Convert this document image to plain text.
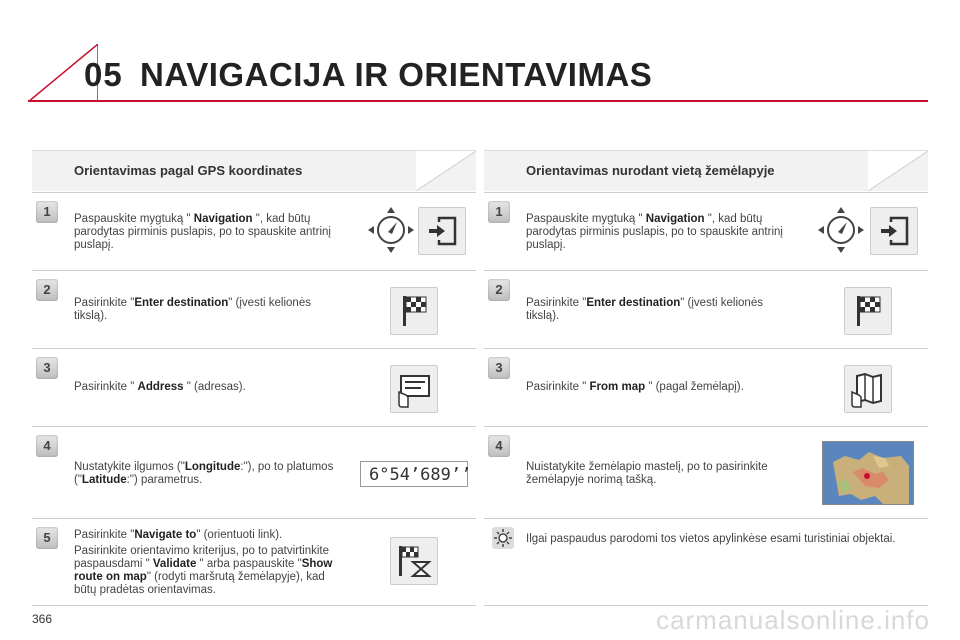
05 NAVIGACIJA IR ORIENTAVIMAS
Orientavimas pagal GPS koordinates
1	Paspauskite mygtuką " Navigation ", kad būtų parodytas pirminis puslapis, po to spauskite antrinį puslapį.
2
Pasirinkite "Enter destination" (įvesti kelionės tikslą).
3
Pasirinkite " Address " (adresas).
4
Nustatykite ilgumos ("Longitude:"), po to platumos ("Latitude:") parametrus.	6°54’689’’
5	Pasirinkite "Navigate to" (orientuoti link).
Pasirinkite orientavimo kriterijus, po to patvirtinkite paspausdami " Validate " arba paspauskite "Show route on map" (rodyti maršrutą žemėlapyje), kad būtų pradėtas orientavimas.
Orientavimas nurodant vietą žemėlapyje
1	Paspauskite mygtuką " Navigation ", kad būtų parodytas pirminis puslapis, po to spauskite antrinį puslapį.
2
Pasirinkite "Enter destination" (įvesti kelionės tikslą).
3
Pasirinkite " From map " (pagal žemėlapį).
4
Nuistatykite žemėlapio mastelį, po to pasirinkite žemėlapyje norimą tašką.
Ilgai paspaudus parodomi tos vietos apylinkėse esami turistiniai objektai.
366	carmanualsonline.info
